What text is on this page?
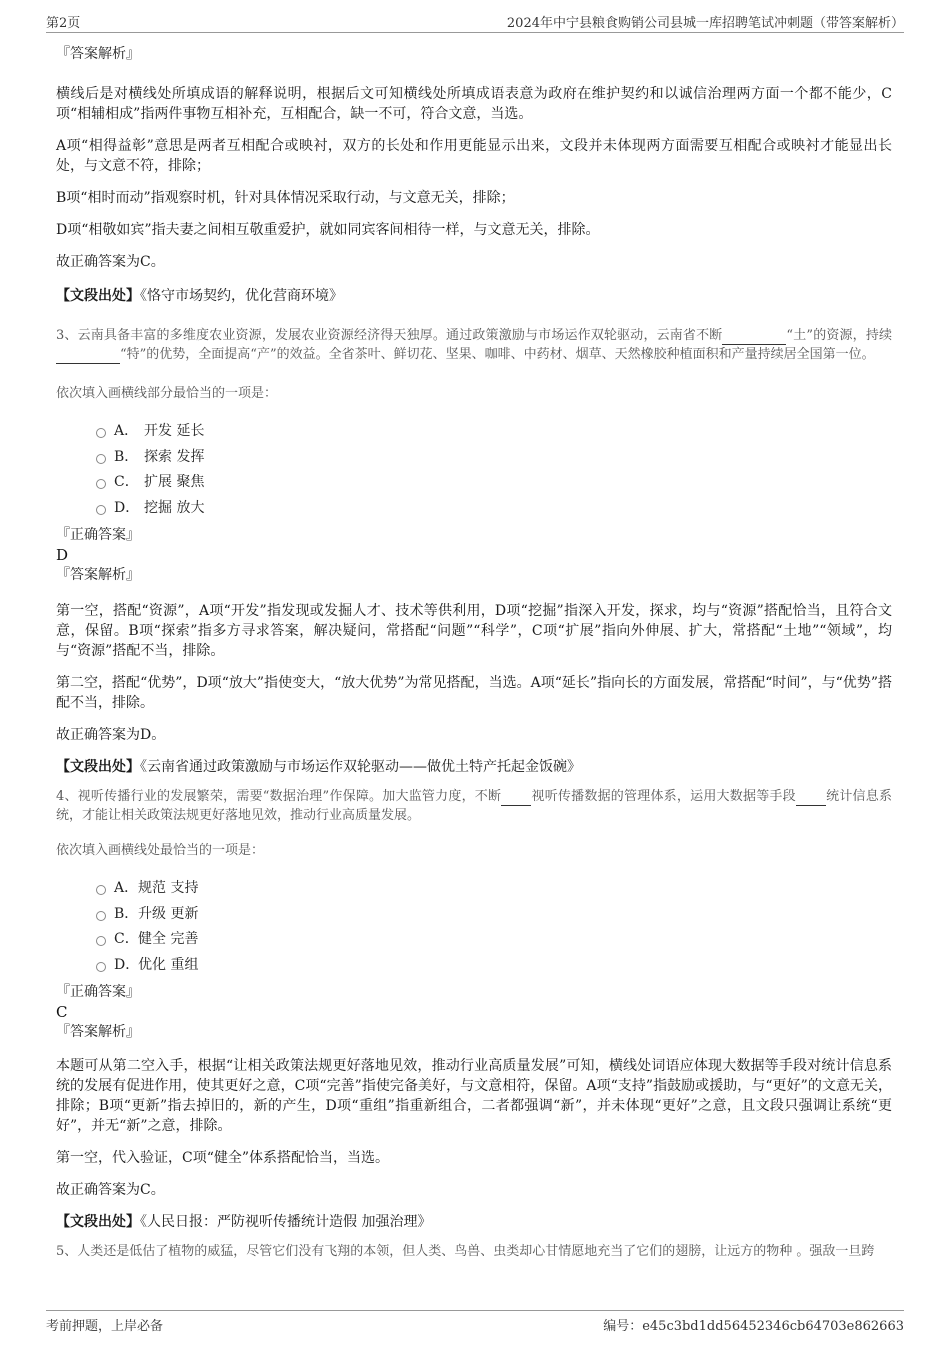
第2页	2024年中宁县粮食购销公司县城一库招聘笔试冲刺题（带答案解析）

『答案解析』

横线后是对横线处所填成语的解释说明，根据后文可知横线处所填成语表意为政府在维护契约和以诚信治理两方面一个都不能少，C项“相辅相成”指两件事物互相补充，互相配合，缺一不可，符合文意，当选。

A项“相得益彰”意思是两者互相配合或映衬，双方的长处和作用更能显示出来，文段并未体现两方面需要互相配合或映衬才能显出长处，与文意不符，排除；

B项“相时而动”指观察时机，针对具体情况采取行动，与文意无关，排除；

D项“相敬如宾”指夫妻之间相互敬重爱护，就如同宾客间相待一样，与文意无关，排除。

故正确答案为C。

【文段出处】《恪守市场契约，优化营商环境》

3、云南具备丰富的多维度农业资源，发展农业资源经济得天独厚。通过政策激励与市场运作双轮驱动，云南省不断	“土”的资源，持续“特”的优势，全面提高“产”的效益。全省茶叶、鲜切花、坚果、咖啡、中药材、烟草、天然橡胶种植面积和产量持续居全国第一位。

依次填入画横线部分最恰当的一项是：

A． 开发 延长
B． 探索 发挥
C． 扩展 聚焦
D． 挖掘 放大

『正确答案』

D

『答案解析』

第一空，搭配“资源”，A项“开发”指发现或发掘人才、技术等供利用，D项“挖掘”指深入开发，探求，均与“资源”搭配恰当，且符合文意，保留。B项“探索”指多方寻求答案，解决疑问，常搭配“问题”“科学”，C项“扩展”指向外伸展、扩大，常搭配“土地”“领域”，均与“资源”搭配不当，排除。

第二空，搭配“优势”，D项“放大”指使变大，“放大优势”为常见搭配，当选。A项“延长”指向长的方面发展，常搭配“时间”，与“优势”搭配不当，排除。

故正确答案为D。

【文段出处】《云南省通过政策激励与市场运作双轮驱动——做优土特产托起金饭碗》

4、视听传播行业的发展繁荣，需要“数据治理”作保障。加大监管力度，不断 视听传播数据的管理体系，运用大数据等手段 统计信息系统，才能让相关政策法规更好落地见效，推动行业高质量发展。

依次填入画横线处最恰当的一项是：

A．规范 支持
B．升级 更新
C．健全 完善
D．优化 重组

『正确答案』

C

『答案解析』

本题可从第二空入手，根据“让相关政策法规更好落地见效，推动行业高质量发展”可知，横线处词语应体现大数据等手段对统计信息系统的发展有促进作用，使其更好之意，C项“完善”指使完备美好，与文意相符，保留。A项“支持”指鼓励或援助，与“更好”的文意无关，排除；B项“更新”指去掉旧的，新的产生，D项“重组”指重新组合，二者都强调“新”，并未体现“更好”之意，且文段只强调让系统“更好”，并无“新”之意，排除。

第一空，代入验证，C项“健全”体系搭配恰当，当选。

故正确答案为C。

【文段出处】《人民日报：严防视听传播统计造假 加强治理》

5、人类还是低估了植物的威猛，尽管它们没有飞翔的本领，但人类、鸟兽、虫类却心甘情愿地充当了它们的翅膀，让远方的物种 。强敌一旦跨

考前押题，上岸必备	编号：e45c3bd1dd56452346cb64703e862663
